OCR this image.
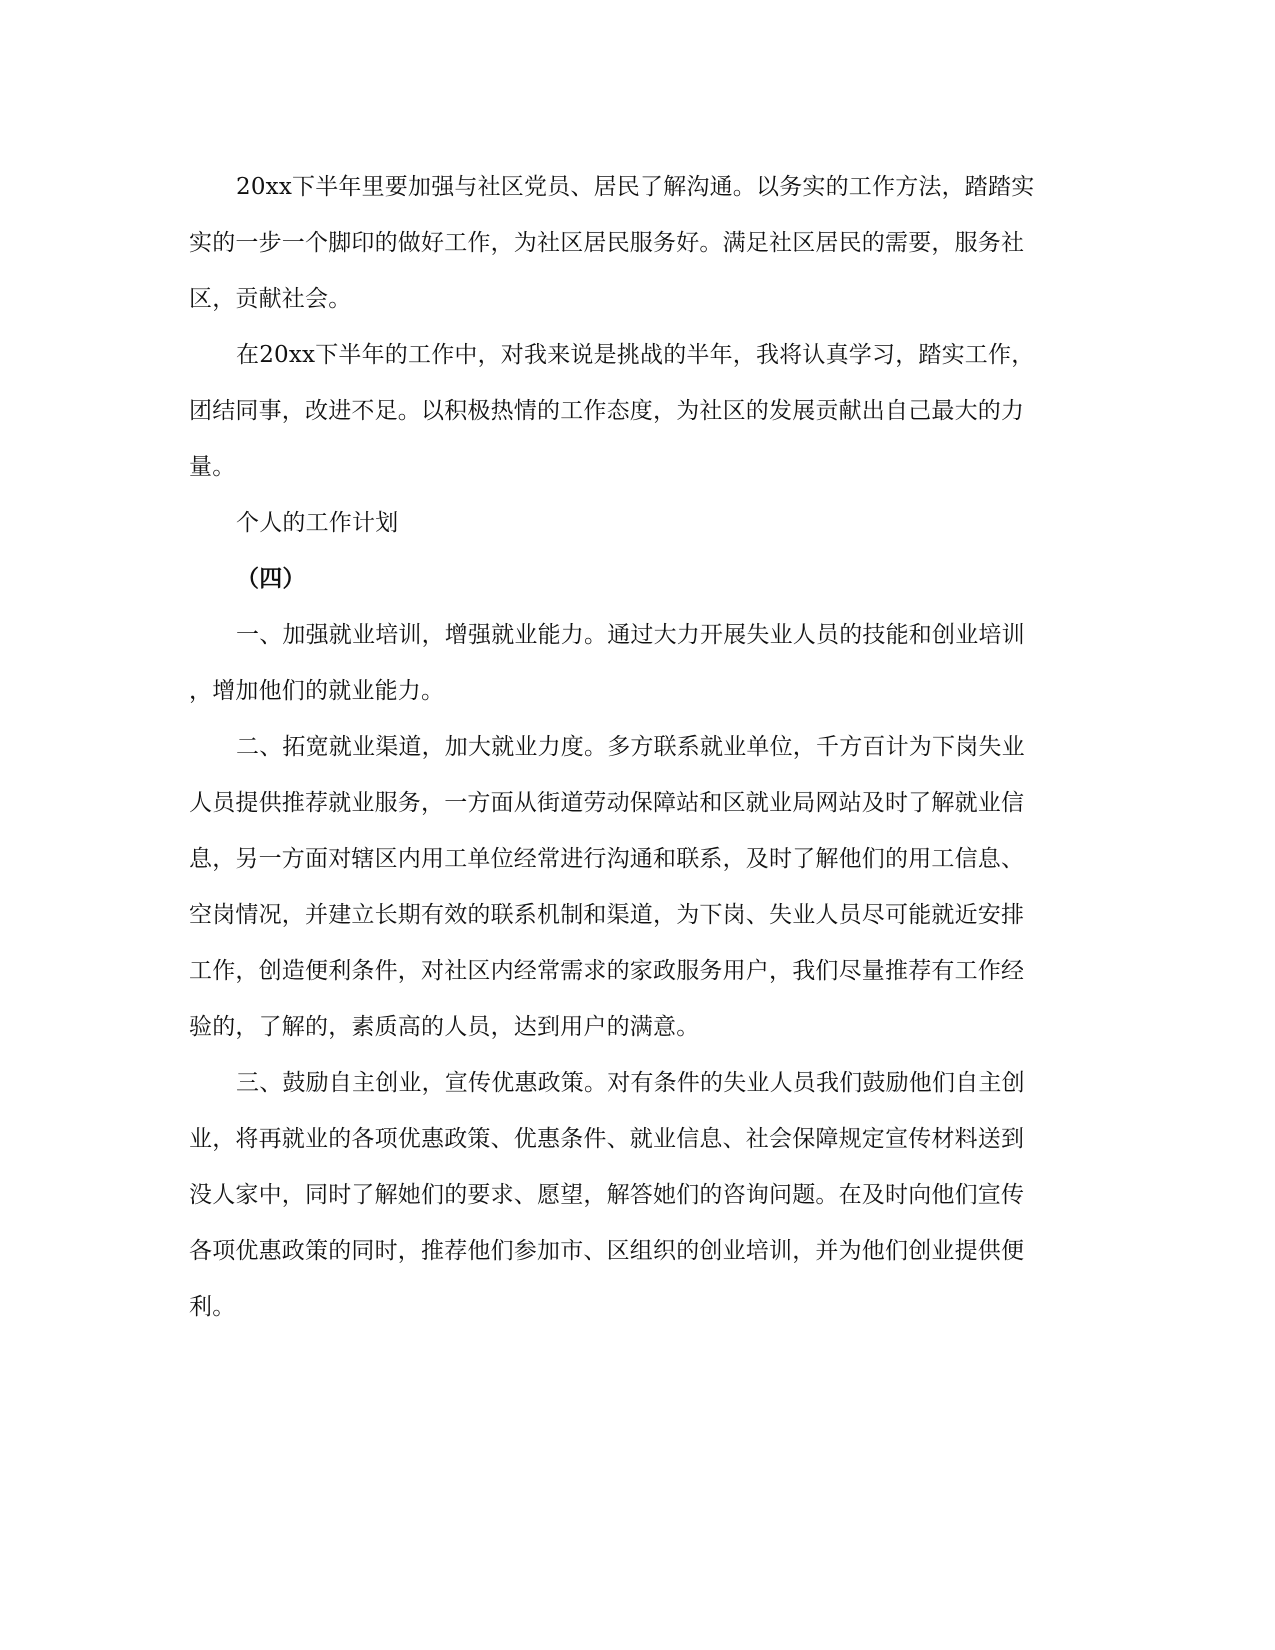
20xx下半年里要加强与社区党员、居民了解沟通。以务实的工作方法，踏踏实
实的一步一个脚印的做好工作，为社区居民服务好。满足社区居民的需要，服务社
区，贡献社会。
在20xx下半年的工作中，对我来说是挑战的半年，我将认真学习，踏实工作，
团结同事，改进不足。以积极热情的工作态度，为社区的发展贡献出自己最大的力
量。
个人的工作计划
（四）
一、加强就业培训，增强就业能力。通过大力开展失业人员的技能和创业培训
，增加他们的就业能力。
二、拓宽就业渠道，加大就业力度。多方联系就业单位，千方百计为下岗失业
人员提供推荐就业服务，一方面从街道劳动保障站和区就业局网站及时了解就业信
息，另一方面对辖区内用工单位经常进行沟通和联系，及时了解他们的用工信息、
空岗情况，并建立长期有效的联系机制和渠道，为下岗、失业人员尽可能就近安排
工作，创造便利条件，对社区内经常需求的家政服务用户，我们尽量推荐有工作经
验的，了解的，素质高的人员，达到用户的满意。
三、鼓励自主创业，宣传优惠政策。对有条件的失业人员我们鼓励他们自主创
业，将再就业的各项优惠政策、优惠条件、就业信息、社会保障规定宣传材料送到
没人家中，同时了解她们的要求、愿望，解答她们的咨询问题。在及时向他们宣传
各项优惠政策的同时，推荐他们参加市、区组织的创业培训，并为他们创业提供便
利。
